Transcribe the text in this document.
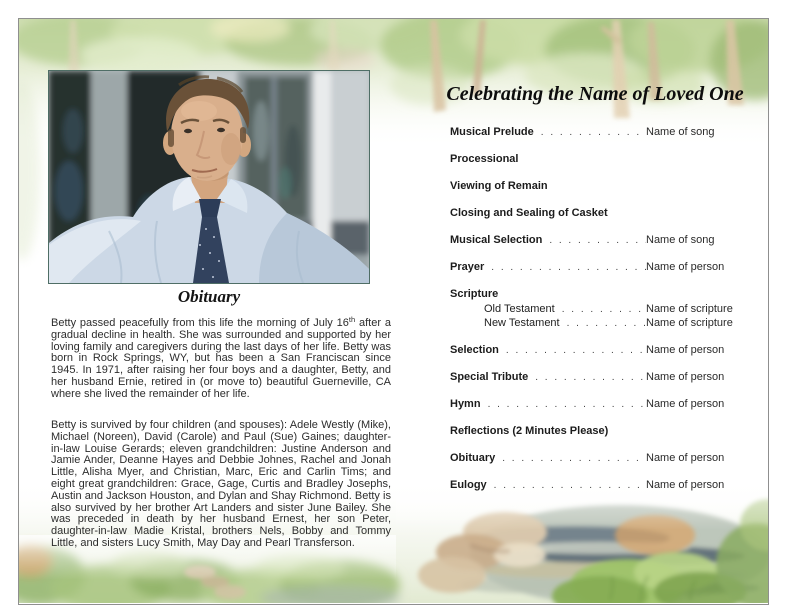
Obituary

Betty passed peacefully from this life the morning of July 16th after a gradual decline in health. She was surrounded and supported by her loving family and caregivers during the last days of her life. Betty was born in Rock Springs, WY, but has been a San Franciscan since 1945. In 1971, after raising her four boys and a daughter, Betty, and her husband Ernie, retired in (or move to) beautiful Guerneville, CA where she lived the remainder of her life.

Betty is survived by four children (and spouses): Adele Westly (Mike), Michael (Noreen), David (Carole) and Paul (Sue) Gaines; daughter-in-law Louise Gerards; eleven grandchildren: Justine Anderson and Jamie Ander, Deanne Hayes and Debbie Johnes, Rachel and Jonah Little, Alisha Myer, and Christian, Marc, Eric and Carlin Tims; and eight great grandchildren: Grace, Gage, Curtis and Bradley Josephs, Austin and Jackson Houston, and Dylan and Shay Richmond. Betty is also survived by her brother Art Landers and sister June Bailey. She was preceded in death by her husband Ernest, her son Peter, daughter-in-law Madie Kristal, brothers Nels, Bobby and Tommy Little, and sisters Lucy Smith, May Day and Pearl Transferson.

Celebrating the Name of Loved One
Musical Prelude . . .	Name of song
Processional
Viewing of Remain
Closing and Sealing of Casket
Musical Selection . . .	Name of song
Prayer . . .	Name of person
Scripture
Old Testament . . .	Name of scripture
New Testament . . .	Name of scripture
Selection . . .	Name of person
Special Tribute . . .	Name of person
Hymn . . .	Name of person
Reflections (2 Minutes Please)
Obituary . . .	Name of person
Eulogy . . .	Name of person
